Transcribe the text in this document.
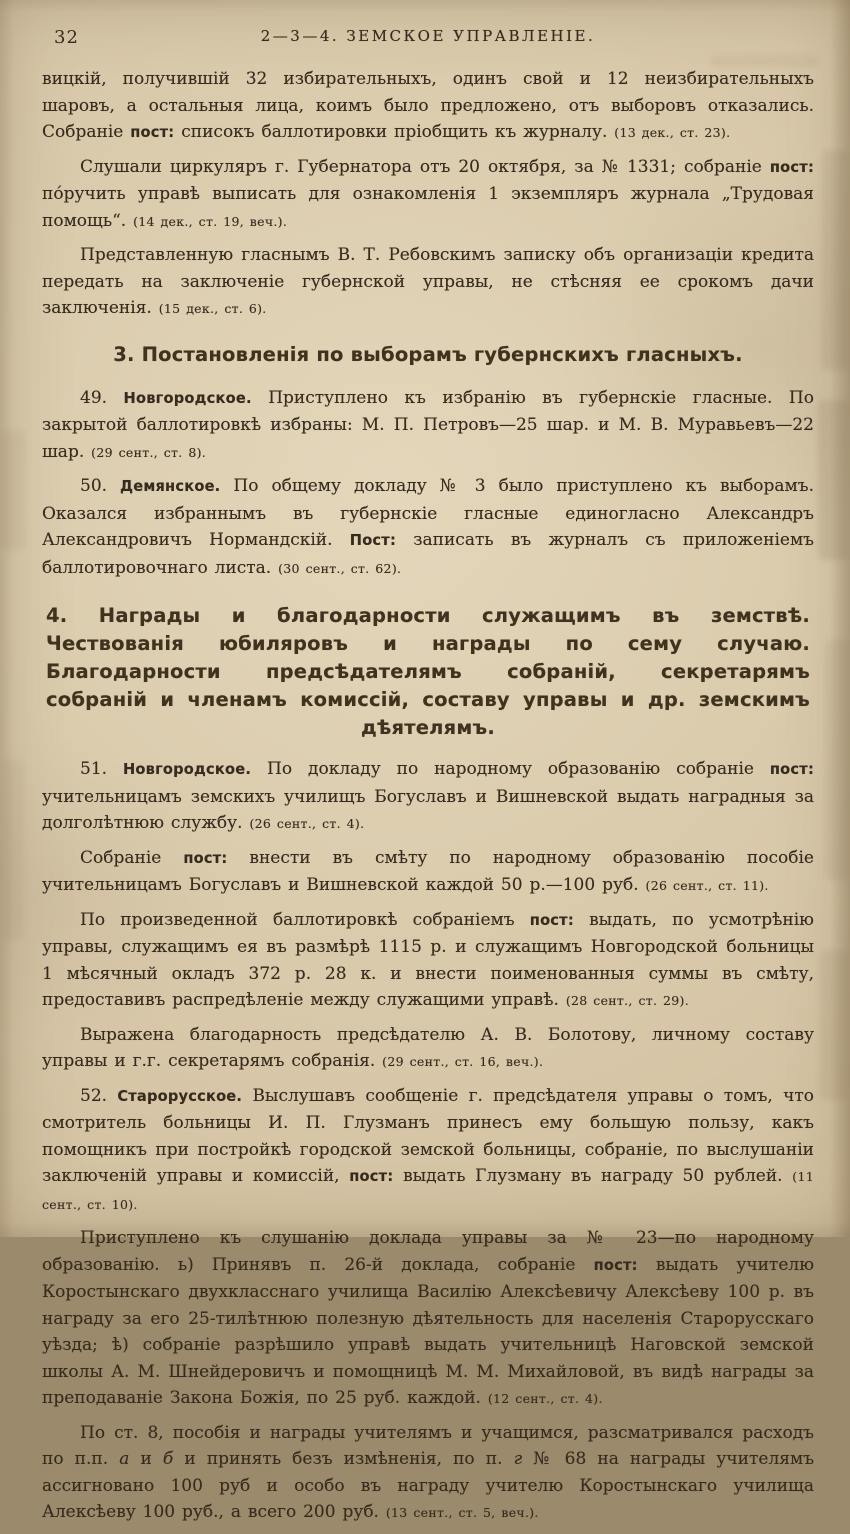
32	2—3—4. ЗЕМСКОЕ УПРАВЛЕНІЕ.

вицкій, получившій 32 избирательныхъ, одинъ свой и 12 неизбирательныхъ шаровъ, а остальныя лица, коимъ было предложено, отъ выборовъ отказались. Собраніе пост: списокъ баллотировки пріобщить къ журналу. (13 дек., ст. 23).

Слушали циркуляръ г. Губернатора отъ 20 октября, за № 1331; собраніе пост: по́ручить управѣ выписать для ознакомленія 1 экземпляръ журнала „Трудовая помощь“. (14 дек., ст. 19, веч.).

Представленную гласнымъ В. Т. Ребовскимъ записку объ организаціи кредита передать на заключеніе губернской управы, не стѣсняя ее срокомъ дачи заключенія. (15 дек., ст. 6).

3. Постановленія по выборамъ губернскихъ гласныхъ.

49. Новгородское. Приступлено къ избранію въ губернскіе гласные. По закрытой баллотировкѣ избраны: М. П. Петровъ—25 шар. и М. В. Муравьевъ—22 шар. (29 сент., ст. 8).

50. Демянское. По общему докладу № 3 было приступлено къ выборамъ. Оказался избраннымъ въ губернскіе гласные единогласно Александръ Александровичъ Нормандскій. Пост: записать въ журналъ съ приложеніемъ баллотировочнаго листа. (30 сент., ст. 62).

4. Награды и благодарности служащимъ въ земствѣ. Чествованія юбиляровъ и награды по сему случаю. Благодарности предсѣдателямъ собраній, секретарямъ собраній и членамъ комиссій, составу управы и др. земскимъ дѣятелямъ.

51. Новгородское. По докладу по народному образованію собраніе пост: учительницамъ земскихъ училищъ Богуславъ и Вишневской выдать наградныя за долголѣтнюю службу. (26 сент., ст. 4).

Собраніе пост: внести въ смѣту по народному образованію пособіе учительницамъ Богуславъ и Вишневской каждой 50 р.—100 руб. (26 сент., ст. 11).

По произведенной баллотировкѣ собраніемъ пост: выдать, по усмотрѣнію управы, служащимъ ея въ размѣрѣ 1115 р. и служащимъ Новгородской больницы 1 мѣсячный окладъ 372 р. 28 к. и внести поименованныя суммы въ смѣту, предоставивъ распредѣленіе между служащими управѣ. (28 сент., ст. 29).

Выражена благодарность предсѣдателю А. В. Болотову, личному составу управы и г.г. секретарямъ собранія. (29 сент., ст. 16, веч.).

52. Старорусское. Выслушавъ сообщеніе г. предсѣдателя управы о томъ, что смотритель больницы И. П. Глузманъ принесъ ему большую пользу, какъ помощникъ при постройкѣ городской земской больницы, собраніе, по выслушаніи заключеній управы и комиссій, пост: выдать Глузману въ награду 50 рублей. (11 сент., ст. 10).

Приступлено къ слушанію доклада управы за № 23—по народному образованію. ь) Принявъ п. 26-й доклада, собраніе пост: выдать учителю Коростынскаго двухкласснаго училища Василію Алексѣевичу Алексѣеву 100 р. въ награду за его 25-тилѣтнюю полезную дѣятельность для населенія Старорусскаго уѣзда; ѣ) собраніе разрѣшило управѣ выдать учительницѣ Наговской земской школы А. М. Шнейдеровичъ и помощницѣ М. М. Михайловой, въ видѣ награды за преподаваніе Закона Божія, по 25 руб. каждой. (12 сент., ст. 4).

По ст. 8, пособія и награды учителямъ и учащимся, разсматривался расходъ по п.п. а и б и принять безъ измѣненія, по п. г № 68 на награды учителямъ ассигновано 100 руб и особо въ награду учителю Коростынскаго училища Алексѣеву 100 руб., а всего 200 руб. (13 сент., ст. 5, веч.).
